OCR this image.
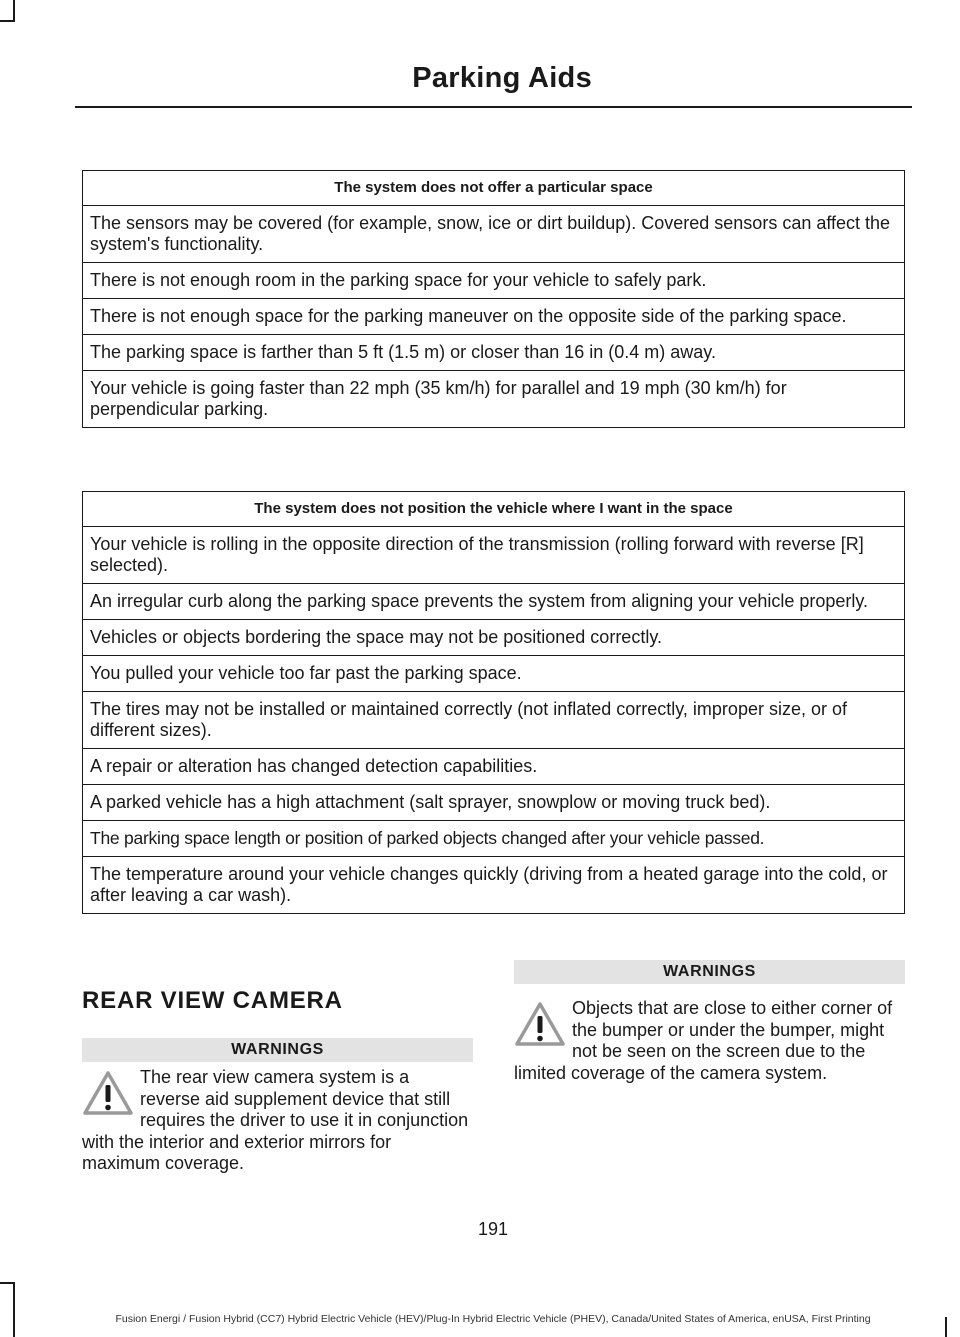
Parking Aids
The system does not offer a particular space
The sensors may be covered (for example, snow, ice or dirt buildup). Covered sensors can affect the system's functionality.
There is not enough room in the parking space for your vehicle to safely park.
There is not enough space for the parking maneuver on the opposite side of the parking space.
The parking space is farther than 5 ft (1.5 m) or closer than 16 in (0.4 m) away.
Your vehicle is going faster than 22 mph (35 km/h) for parallel and 19 mph (30 km/h) for perpendicular parking.
The system does not position the vehicle where I want in the space
Your vehicle is rolling in the opposite direction of the transmission (rolling forward with reverse [R] selected).
An irregular curb along the parking space prevents the system from aligning your vehicle properly.
Vehicles or objects bordering the space may not be positioned correctly.
You pulled your vehicle too far past the parking space.
The tires may not be installed or maintained correctly (not inflated correctly, improper size, or of different sizes).
A repair or alteration has changed detection capabilities.
A parked vehicle has a high attachment (salt sprayer, snowplow or moving truck bed).
The parking space length or position of parked objects changed after your vehicle passed.
The temperature around your vehicle changes quickly (driving from a heated garage into the cold, or after leaving a car wash).
REAR VIEW CAMERA
WARNINGS
The rear view camera system is a reverse aid supplement device that still requires the driver to use it in conjunction with the interior and exterior mirrors for maximum coverage.
WARNINGS
Objects that are close to either corner of the bumper or under the bumper, might not be seen on the screen due to the limited coverage of the camera system.
191
Fusion Energi / Fusion Hybrid (CC7) Hybrid Electric Vehicle (HEV)/Plug-In Hybrid Electric Vehicle (PHEV), Canada/United States of America, enUSA, First Printing
